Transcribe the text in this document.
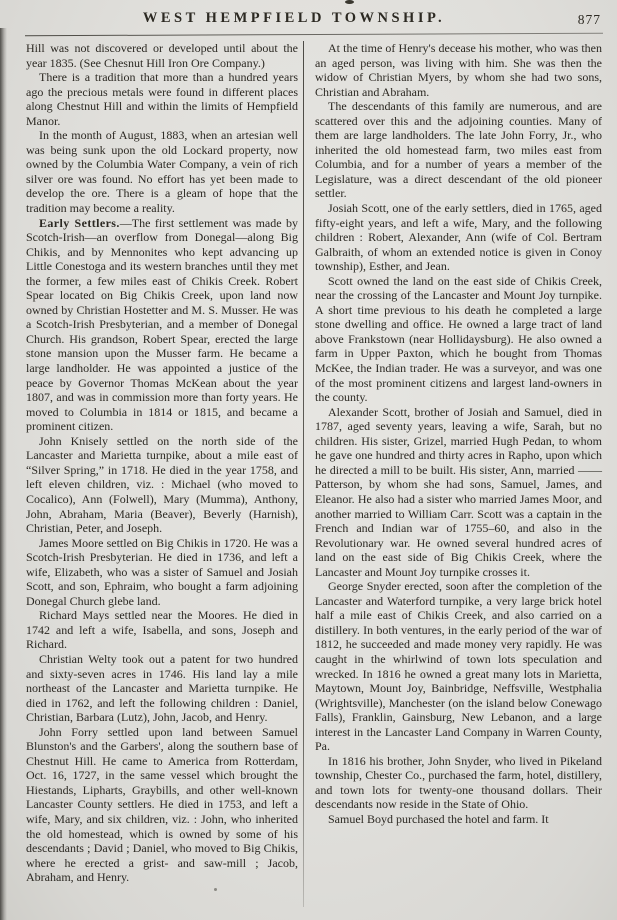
WEST HEMPFIELD TOWNSHIP.	877

Hill was not discovered or developed until about the year 1835. (See Chesnut Hill Iron Ore Company.)

There is a tradition that more than a hundred years ago the precious metals were found in different places along Chestnut Hill and within the limits of Hempfield Manor.

In the month of August, 1883, when an artesian well was being sunk upon the old Lockard property, now owned by the Columbia Water Company, a vein of rich silver ore was found. No effort has yet been made to develop the ore. There is a gleam of hope that the tradition may become a reality.

Early Settlers.—The first settlement was made by Scotch-Irish—an overflow from Donegal—along Big Chikis, and by Mennonites who kept advancing up Little Conestoga and its western branches until they met the former, a few miles east of Chikis Creek. Robert Spear located on Big Chikis Creek, upon land now owned by Christian Hostetter and M. S. Musser. He was a Scotch-Irish Presbyterian, and a member of Donegal Church. His grandson, Robert Spear, erected the large stone mansion upon the Musser farm. He became a large landholder. He was appointed a justice of the peace by Governor Thomas McKean about the year 1807, and was in commission more than forty years. He moved to Columbia in 1814 or 1815, and became a prominent citizen.

John Knisely settled on the north side of the Lancaster and Marietta turnpike, about a mile east of “Silver Spring,” in 1718. He died in the year 1758, and left eleven children, viz. : Michael (who moved to Cocalico), Ann (Folwell), Mary (Mumma), Anthony, John, Abraham, Maria (Beaver), Beverly (Harnish), Christian, Peter, and Joseph.

James Moore settled on Big Chikis in 1720. He was a Scotch-Irish Presbyterian. He died in 1736, and left a wife, Elizabeth, who was a sister of Samuel and Josiah Scott, and son, Ephraim, who bought a farm adjoining Donegal Church glebe land.

Richard Mays settled near the Moores. He died in 1742 and left a wife, Isabella, and sons, Joseph and Richard.

Christian Welty took out a patent for two hundred and sixty-seven acres in 1746. His land lay a mile northeast of the Lancaster and Marietta turnpike. He died in 1762, and left the following children : Daniel, Christian, Barbara (Lutz), John, Jacob, and Henry.

John Forry settled upon land between Samuel Blunston's and the Garbers', along the southern base of Chestnut Hill. He came to America from Rotterdam, Oct. 16, 1727, in the same vessel which brought the Hiestands, Lipharts, Graybills, and other well-known Lancaster County settlers. He died in 1753, and left a wife, Mary, and six children, viz. : John, who inherited the old homestead, which is owned by some of his descendants ; David ; Daniel, who moved to Big Chikis, where he erected a grist- and saw-mill ; Jacob, Abraham, and Henry.

At the time of Henry's decease his mother, who was then an aged person, was living with him. She was then the widow of Christian Myers, by whom she had two sons, Christian and Abraham.

The descendants of this family are numerous, and are scattered over this and the adjoining counties. Many of them are large landholders. The late John Forry, Jr., who inherited the old homestead farm, two miles east from Columbia, and for a number of years a member of the Legislature, was a direct descendant of the old pioneer settler.

Josiah Scott, one of the early settlers, died in 1765, aged fifty-eight years, and left a wife, Mary, and the following children : Robert, Alexander, Ann (wife of Col. Bertram Galbraith, of whom an extended notice is given in Conoy township), Esther, and Jean.

Scott owned the land on the east side of Chikis Creek, near the crossing of the Lancaster and Mount Joy turnpike. A short time previous to his death he completed a large stone dwelling and office. He owned a large tract of land above Frankstown (near Hollidaysburg). He also owned a farm in Upper Paxton, which he bought from Thomas McKee, the Indian trader. He was a surveyor, and was one of the most prominent citizens and largest land-owners in the county.

Alexander Scott, brother of Josiah and Samuel, died in 1787, aged seventy years, leaving a wife, Sarah, but no children. His sister, Grizel, married Hugh Pedan, to whom he gave one hundred and thirty acres in Rapho, upon which he directed a mill to be built. His sister, Ann, married —— Patterson, by whom she had sons, Samuel, James, and Eleanor. He also had a sister who married James Moor, and another married to William Carr. Scott was a captain in the French and Indian war of 1755–60, and also in the Revolutionary war. He owned several hundred acres of land on the east side of Big Chikis Creek, where the Lancaster and Mount Joy turnpike crosses it.

George Snyder erected, soon after the completion of the Lancaster and Waterford turnpike, a very large brick hotel half a mile east of Chikis Creek, and also carried on a distillery. In both ventures, in the early period of the war of 1812, he succeeded and made money very rapidly. He was caught in the whirlwind of town lots speculation and wrecked. In 1816 he owned a great many lots in Marietta, Maytown, Mount Joy, Bainbridge, Neffsville, Westphalia (Wrightsville), Manchester (on the island below Conewago Falls), Franklin, Gainsburg, New Lebanon, and a large interest in the Lancaster Land Company in Warren County, Pa.

In 1816 his brother, John Snyder, who lived in Pikeland township, Chester Co., purchased the farm, hotel, distillery, and town lots for twenty-one thousand dollars. Their descendants now reside in the State of Ohio.

Samuel Boyd purchased the hotel and farm. It
